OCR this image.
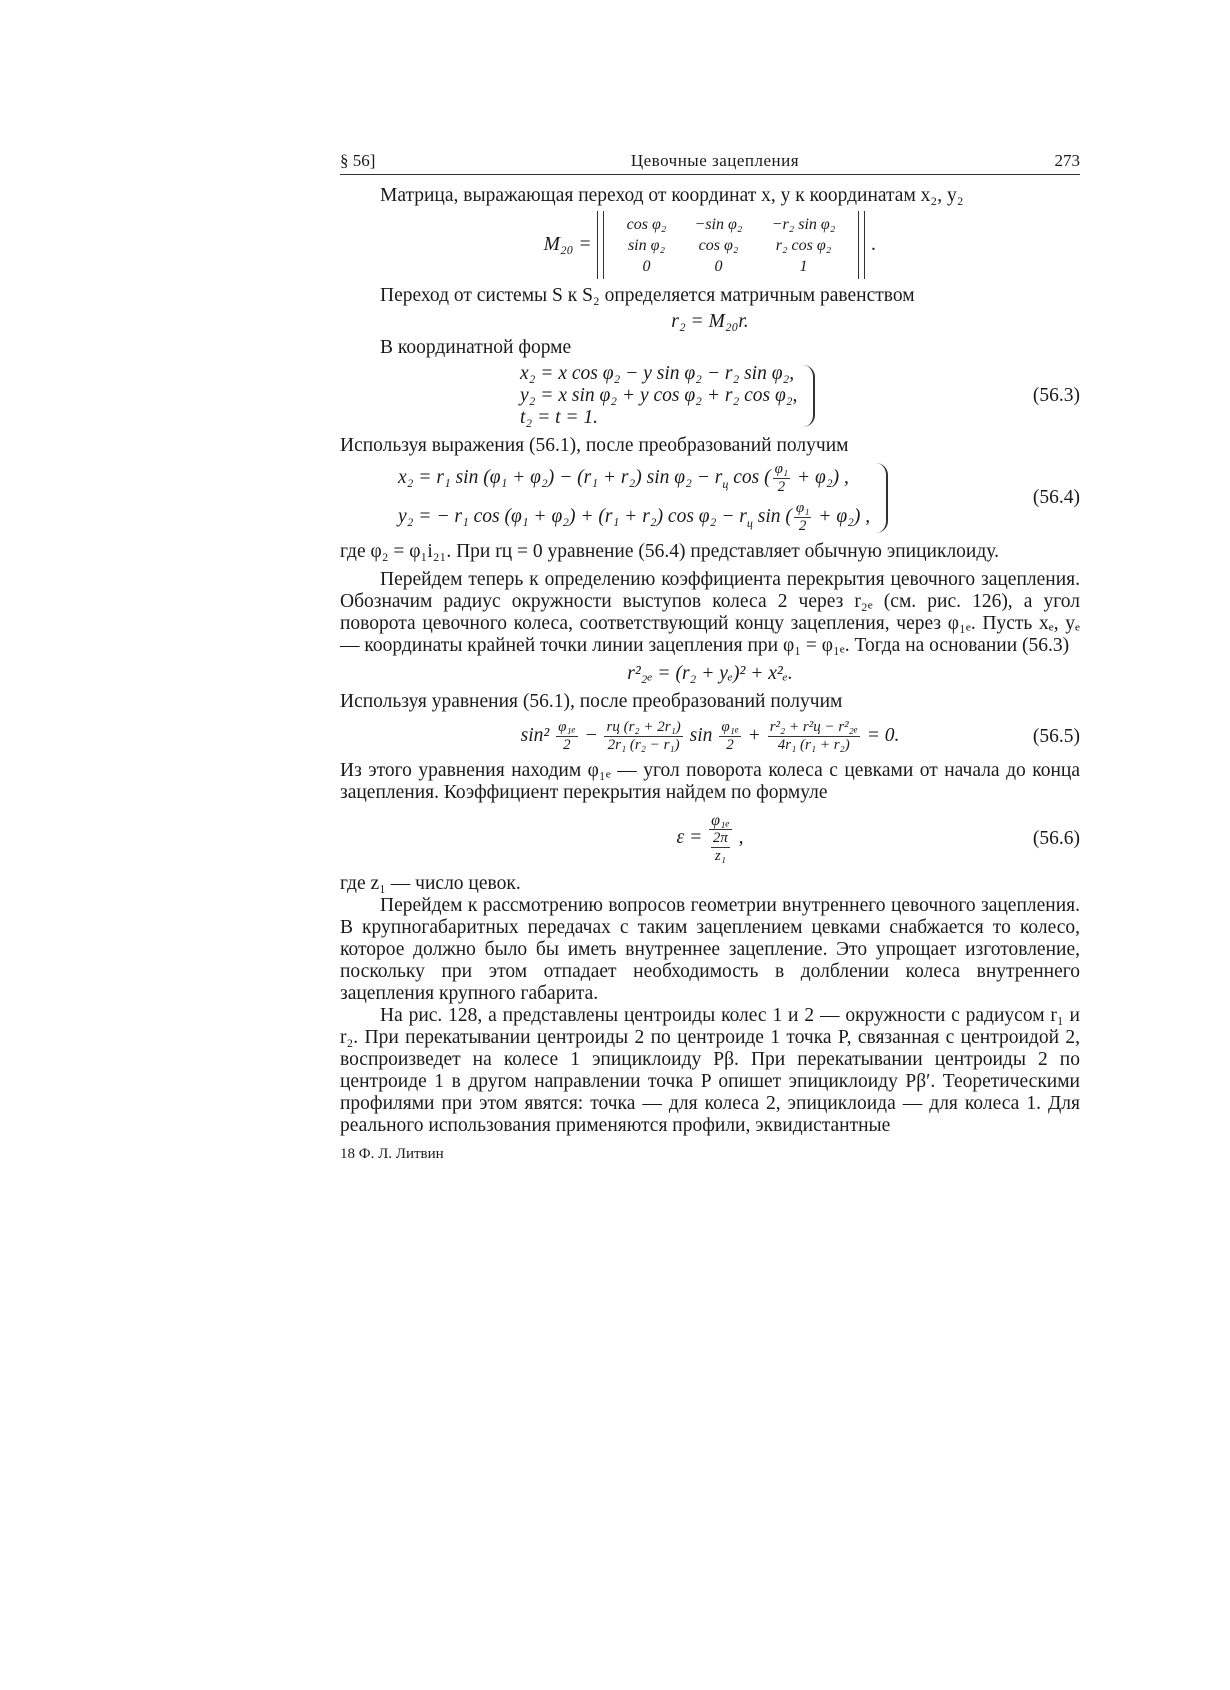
§ 56]	Цевочные зацепления	273

Матрица, выражающая переход от координат x, y к координатам x₂, y₂

M₂₀ =
cos φ₂	−sin φ₂	−r₂ sin φ₂
sin φ₂	cos φ₂	r₂ cos φ₂
0	0	1
.

Переход от системы S к S₂ определяется матричным равенством

r₂ = M₂₀r.

В координатной форме

x₂ = x cos φ₂ − y sin φ₂ − r₂ sin φ₂,
y₂ = x sin φ₂ + y cos φ₂ + r₂ cos φ₂,
t₂ = t = 1.
(56.3)

Используя выражения (56.1), после преобразований получим

x₂ = r₁ sin (φ₁ + φ₂) − (r₁ + r₂) $\sin \varphi_2 - r_ц$ cos ( $\frac{\text{φ₁}}{2} + \varphi_2$) ,
y₂ = − r₁ cos (φ₁ + φ₂) + (r₁ + r₂) $\cos \varphi_2 - r_ц$ sin ( $\frac{\text{φ₁}}{2} + \varphi_2$) ,
(56.4)

где φ₂ = φ₁i₂₁. При rц = 0 уравнение (56.4) представляет обычную эпициклоиду.

Перейдем теперь к определению коэффициента перекрытия цевочного зацепления. Обозначим радиус окружности выступов колеса 2 через r₂ₑ (см. рис. 126), а угол поворота цевочного колеса, соответствующий концу зацепления, через φ₁ₑ. Пусть xₑ, yₑ — координаты крайней точки линии зацепления при φ₁ = φ₁ₑ. Тогда на основании (56.3)

r²₂ₑ = (r₂ + yₑ)² + x²ₑ.

Используя уравнения (56.1), после преобразований получим

$\sin^2 \frac{\text{φ₁ₑ}}{2} - \frac{\text{rц (r₂ + 2r₁)}}{\text{2r₁ (r₂ − r₁)}}$ $\sin \frac{\text{φ₁ₑ}}{2} + \frac{\text{r²₂ + r²ц − r²₂ₑ}}{\text{4r₁ (r₁ + r₂)}} = 0$.	(56.5)

Из этого уравнения находим φ₁ₑ — угол поворота колеса с цевками от начала до конца зацепления. Коэффициент перекрытия найдем по формуле

$\varepsilon = \frac{\text{φ₁ₑ}}{\frac{2\pi}{\text{z₁}}}$ ,	(56.6)

где z₁ — число цевок.

Перейдем к рассмотрению вопросов геометрии внутреннего цевочного зацепления. В крупногабаритных передачах с таким зацеплением цевками снабжается то колесо, которое должно было бы иметь внутреннее зацепление. Это упрощает изготовление, поскольку при этом отпадает необходимость в долблении колеса внутреннего зацепления крупного габарита.

На рис. 128, а представлены центроиды колес 1 и 2 — окружности с радиусом r₁ и r₂. При перекатывании центроиды 2 по центроиде 1 точка P, связанная с центроидой 2, воспроизведет на колесе 1 эпициклоиду Pβ. При перекатывании центроиды 2 по центроиде 1 в другом направлении точка P опишет эпициклоиду Pβ′. Теоретическими профилями при этом явятся: точка — для колеса 2, эпициклоида — для колеса 1. Для реального использования применяются профили, эквидистантные

18 Ф. Л. Литвин
